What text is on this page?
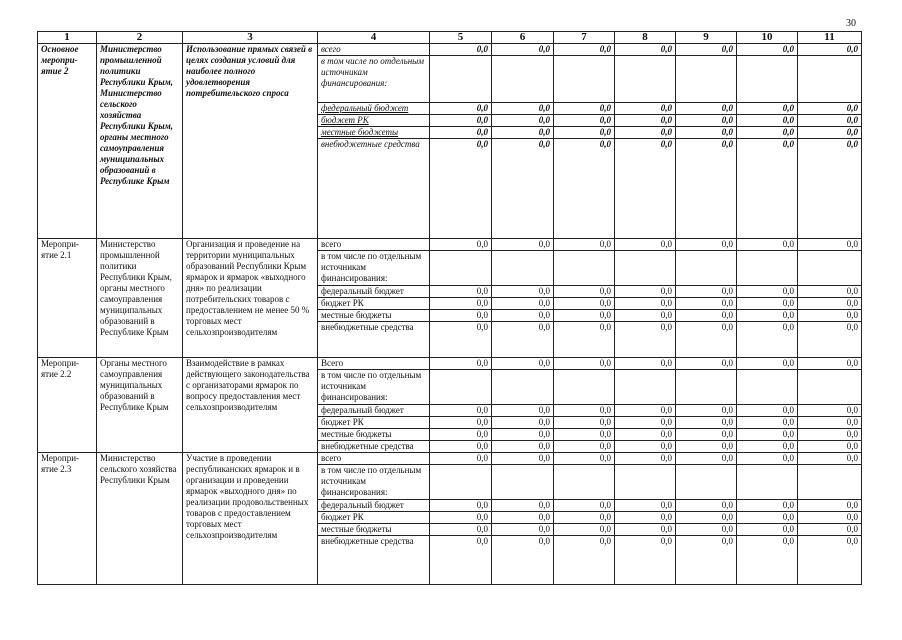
30
1	2	3	4	5	6	7	8	9	10	11
Основное меропри-ятие 2	Министерство промышленной политики Республики Крым, Министерство сельского хозяйства Республики Крым, органы местного самоуправления муниципальных образований в Республике Крым	Использование прямых связей в целях создания условий для наиболее полного удовлетворения потребительского спроса	всего	0,0	0,0	0,0	0,0	0,0	0,0	0,0
			в том числе по отдельным источникам финансирования:							
			федеральный бюджет	0,0	0,0	0,0	0,0	0,0	0,0	0,0
			бюджет РК	0,0	0,0	0,0	0,0	0,0	0,0	0,0
			местные бюджеты	0,0	0,0	0,0	0,0	0,0	0,0	0,0
			внебюджетные средства	0,0	0,0	0,0	0,0	0,0	0,0	0,0
Меропри-ятие 2.1	Министерство промышленной политики Республики Крым, органы местного самоуправления муниципальных образований в Республике Крым	Организация и проведение на территории муниципальных образований Республики Крым ярмарок и ярмарок «выходного дня» по реализации потребительских товаров с предоставлением не менее 50 % торговых мест сельхозпроизводителям	всего	0,0	0,0	0,0	0,0	0,0	0,0	0,0
			в том числе по отдельным источникам финансирования:							
			федеральный бюджет	0,0	0,0	0,0	0,0	0,0	0,0	0,0
			бюджет РК	0,0	0,0	0,0	0,0	0,0	0,0	0,0
			местные бюджеты	0,0	0,0	0,0	0,0	0,0	0,0	0,0
			внебюджетные средства	0,0	0,0	0,0	0,0	0,0	0,0	0,0
Меропри-ятие 2.2	Органы местного самоуправления муниципальных образований в Республике Крым	Взаимодействие в рамках действующего законодательства с организаторами ярмарок по вопросу предоставления мест сельхозпроизводителям	Всего	0,0	0,0	0,0	0,0	0,0	0,0	0,0
			в том числе по отдельным источникам финансирования:							
			федеральный бюджет	0,0	0,0	0,0	0,0	0,0	0,0	0,0
			бюджет РК	0,0	0,0	0,0	0,0	0,0	0,0	0,0
			местные бюджеты	0,0	0,0	0,0	0,0	0,0	0,0	0,0
			внебюджетные средства	0,0	0,0	0,0	0,0	0,0	0,0	0,0
Меропри-ятие 2.3	Министерство сельского хозяйства Республики Крым	Участие в проведении республиканских ярмарок и в организации и проведении ярмарок «выходного дня» по реализации продовольственных товаров с предоставлением торговых мест сельхозпроизводителям	всего	0,0	0,0	0,0	0,0	0,0	0,0	0,0
			в том числе по отдельным источникам финансирования:							
			федеральный бюджет	0,0	0,0	0,0	0,0	0,0	0,0	0,0
			бюджет РК	0,0	0,0	0,0	0,0	0,0	0,0	0,0
			местные бюджеты	0,0	0,0	0,0	0,0	0,0	0,0	0,0
			внебюджетные средства	0,0	0,0	0,0	0,0	0,0	0,0	0,0
